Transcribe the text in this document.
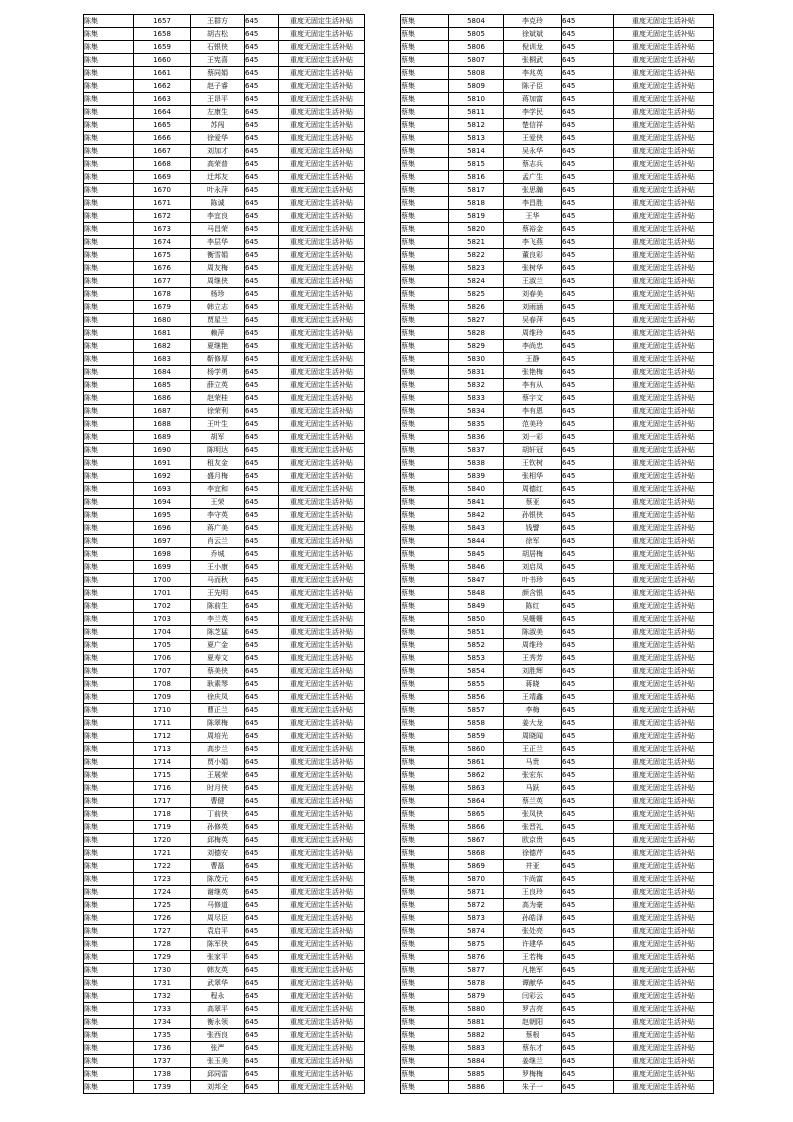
陈集	1657	王群方	645	重度无固定生活补贴
陈集	1658	胡吉松	645	重度无固定生活补贴
陈集	1659	石银侠	645	重度无固定生活补贴
陈集	1660	王宪喜	645	重度无固定生活补贴
陈集	1661	蔡同娟	645	重度无固定生活补贴
陈集	1662	赵子睿	645	重度无固定生活补贴
陈集	1663	王昂平	645	重度无固定生活补贴
陈集	1664	左康生	645	重度无固定生活补贴
陈集	1665	苏闯	645	重度无固定生活补贴
陈集	1666	徐爱华	645	重度无固定生活补贴
陈集	1667	刘加才	645	重度无固定生活补贴
陈集	1668	高荣普	645	重度无固定生活补贴
陈集	1669	迁邦友	645	重度无固定生活补贴
陈集	1670	叶永萍	645	重度无固定生活补贴
陈集	1671	陈诚	645	重度无固定生活补贴
陈集	1672	李宜良	645	重度无固定生活补贴
陈集	1673	马昌荣	645	重度无固定生活补贴
陈集	1674	李层华	645	重度无固定生活补贴
陈集	1675	衡雪娟	645	重度无固定生活补贴
陈集	1676	周友梅	645	重度无固定生活补贴
陈集	1677	周继侠	645	重度无固定生活补贴
陈集	1678	杨珍	645	重度无固定生活补贴
陈集	1679	韩立志	645	重度无固定生活补贴
陈集	1680	贾星兰	645	重度无固定生活补贴
陈集	1681	赖萍	645	重度无固定生活补贴
陈集	1682	夏继艳	645	重度无固定生活补贴
陈集	1683	靳修厚	645	重度无固定生活补贴
陈集	1684	杨学勇	645	重度无固定生活补贴
陈集	1685	薛立英	645	重度无固定生活补贴
陈集	1686	赵荣桂	645	重度无固定生活补贴
陈集	1687	徐荣利	645	重度无固定生活补贴
陈集	1688	王叶生	645	重度无固定生活补贴
陈集	1689	胡军	645	重度无固定生活补贴
陈集	1690	陈明达	645	重度无固定生活补贴
陈集	1691	租友金	645	重度无固定生活补贴
陈集	1692	盛月梅	645	重度无固定生活补贴
陈集	1693	李宜和	645	重度无固定生活补贴
陈集	1694	王荣	645	重度无固定生活补贴
陈集	1695	李守英	645	重度无固定生活补贴
陈集	1696	蒋广美	645	重度无固定生活补贴
陈集	1697	肖云兰	645	重度无固定生活补贴
陈集	1698	乔城	645	重度无固定生活补贴
陈集	1699	王小康	645	重度无固定生活补贴
陈集	1700	马而秋	645	重度无固定生活补贴
陈集	1701	王先明	645	重度无固定生活补贴
陈集	1702	陈前生	645	重度无固定生活补贴
陈集	1703	李兰英	645	重度无固定生活补贴
陈集	1704	陈芝猛	645	重度无固定生活补贴
陈集	1705	夏广金	645	重度无固定生活补贴
陈集	1706	夏寿文	645	重度无固定生活补贴
陈集	1707	蔡美侠	645	重度无固定生活补贴
陈集	1708	耿素琴	645	重度无固定生活补贴
陈集	1709	徐庆凤	645	重度无固定生活补贴
陈集	1710	曹正兰	645	重度无固定生活补贴
陈集	1711	陈翠梅	645	重度无固定生活补贴
陈集	1712	周培光	645	重度无固定生活补贴
陈集	1713	高步兰	645	重度无固定生活补贴
陈集	1714	贾小娟	645	重度无固定生活补贴
陈集	1715	王展荣	645	重度无固定生活补贴
陈集	1716	时月侠	645	重度无固定生活补贴
陈集	1717	曹健	645	重度无固定生活补贴
陈集	1718	丁前侠	645	重度无固定生活补贴
陈集	1719	孙修英	645	重度无固定生活补贴
陈集	1720	邱梅英	645	重度无固定生活补贴
陈集	1721	刘德安	645	重度无固定生活补贴
陈集	1722	曹磊	645	重度无固定生活补贴
陈集	1723	陈茂元	645	重度无固定生活补贴
陈集	1724	谢继英	645	重度无固定生活补贴
陈集	1725	马修道	645	重度无固定生活补贴
陈集	1726	周尽臣	645	重度无固定生活补贴
陈集	1727	袁启平	645	重度无固定生活补贴
陈集	1728	陈军侠	645	重度无固定生活补贴
陈集	1729	张家平	645	重度无固定生活补贴
陈集	1730	韩友英	645	重度无固定生活补贴
陈集	1731	武翠华	645	重度无固定生活补贴
陈集	1732	程永	645	重度无固定生活补贴
陈集	1733	高翠平	645	重度无固定生活补贴
陈集	1734	衡永领	645	重度无固定生活补贴
陈集	1735	张西良	645	重度无固定生活补贴
陈集	1736	张严	645	重度无固定生活补贴
陈集	1737	张玉美	645	重度无固定生活补贴
陈集	1738	邱同雷	645	重度无固定生活补贴
陈集	1739	刘邦全	645	重度无固定生活补贴
蔡集	5804	李克玲	645	重度无固定生活补贴
蔡集	5805	徐斌斌	645	重度无固定生活补贴
蔡集	5806	倪训龙	645	重度无固定生活补贴
蔡集	5807	张桐武	645	重度无固定生活补贴
蔡集	5808	李兆英	645	重度无固定生活补贴
蔡集	5809	陈子臣	645	重度无固定生活补贴
蔡集	5810	蒋加富	645	重度无固定生活补贴
蔡集	5811	李学民	645	重度无固定生活补贴
蔡集	5812	楚信祥	645	重度无固定生活补贴
蔡集	5813	王爱侠	645	重度无固定生活补贴
蔡集	5814	吴永华	645	重度无固定生活补贴
蔡集	5815	蔡志兵	645	重度无固定生活补贴
蔡集	5816	孟广生	645	重度无固定生活补贴
蔡集	5817	张思瀚	645	重度无固定生活补贴
蔡集	5818	李昌胜	645	重度无固定生活补贴
蔡集	5819	王华	645	重度无固定生活补贴
蔡集	5820	蔡裕金	645	重度无固定生活补贴
蔡集	5821	李飞燕	645	重度无固定生活补贴
蔡集	5822	董良彩	645	重度无固定生活补贴
蔡集	5823	张树华	645	重度无固定生活补贴
蔡集	5824	王淑兰	645	重度无固定生活补贴
蔡集	5825	刘春美	645	重度无固定生活补贴
蔡集	5826	刘雨涵	645	重度无固定生活补贴
蔡集	5827	吴春萍	645	重度无固定生活补贴
蔡集	5828	周维玲	645	重度无固定生活补贴
蔡集	5829	李尚忠	645	重度无固定生活补贴
蔡集	5830	王静	645	重度无固定生活补贴
蔡集	5831	张艳梅	645	重度无固定生活补贴
蔡集	5832	李有从	645	重度无固定生活补贴
蔡集	5833	蔡宇文	645	重度无固定生活补贴
蔡集	5834	李有恩	645	重度无固定生活补贴
蔡集	5835	范美玲	645	重度无固定生活补贴
蔡集	5836	刘一彩	645	重度无固定生活补贴
蔡集	5837	胡轩冠	645	重度无固定生活补贴
蔡集	5838	王钦树	645	重度无固定生活补贴
蔡集	5839	张相华	645	重度无固定生活补贴
蔡集	5840	周德红	645	重度无固定生活补贴
蔡集	5841	蔡亚	645	重度无固定生活补贴
蔡集	5842	孙银侠	645	重度无固定生活补贴
蔡集	5843	钱譬	645	重度无固定生活补贴
蔡集	5844	徐军	645	重度无固定生活补贴
蔡集	5845	胡居梅	645	重度无固定生活补贴
蔡集	5846	刘启凤	645	重度无固定生活补贴
蔡集	5847	叶书珍	645	重度无固定生活补贴
蔡集	5848	颜含银	645	重度无固定生活补贴
蔡集	5849	陈红	645	重度无固定生活补贴
蔡集	5850	吴姗姗	645	重度无固定生活补贴
蔡集	5851	陈淑美	645	重度无固定生活补贴
蔡集	5852	周维玲	645	重度无固定生活补贴
蔡集	5853	王秀芳	645	重度无固定生活补贴
蔡集	5854	刘胜辉	645	重度无固定生活补贴
蔡集	5855	蒋晓	645	重度无固定生活补贴
蔡集	5856	王靖鑫	645	重度无固定生活补贴
蔡集	5857	李梅	645	重度无固定生活补贴
蔡集	5858	姜大龙	645	重度无固定生活补贴
蔡集	5859	周晓闻	645	重度无固定生活补贴
蔡集	5860	王正兰	645	重度无固定生活补贴
蔡集	5861	马贵	645	重度无固定生活补贴
蔡集	5862	张宏东	645	重度无固定生活补贴
蔡集	5863	马跃	645	重度无固定生活补贴
蔡集	5864	蔡兰英	645	重度无固定生活补贴
蔡集	5865	张凤侠	645	重度无固定生活补贴
蔡集	5866	张晋礼	645	重度无固定生活补贴
蔡集	5867	欧京贵	645	重度无固定生活补贴
蔡集	5868	徐德芹	645	重度无固定生活补贴
蔡集	5869	井亚	645	重度无固定生活补贴
蔡集	5870	卞尚富	645	重度无固定生活补贴
蔡集	5871	王良玲	645	重度无固定生活补贴
蔡集	5872	高为豪	645	重度无固定生活补贴
蔡集	5873	孙皓泽	645	重度无固定生活补贴
蔡集	5874	张处亮	645	重度无固定生活补贴
蔡集	5875	许建华	645	重度无固定生活补贴
蔡集	5876	王若梅	645	重度无固定生活补贴
蔡集	5877	凡艳军	645	重度无固定生活补贴
蔡集	5878	谭献华	645	重度无固定生活补贴
蔡集	5879	闫彩云	645	重度无固定生活补贴
蔡集	5880	罗吉亮	645	重度无固定生活补贴
蔡集	5881	赵朝阳	645	重度无固定生活补贴
蔡集	5882	蔡根	645	重度无固定生活补贴
蔡集	5883	蔡东才	645	重度无固定生活补贴
蔡集	5884	姜继兰	645	重度无固定生活补贴
蔡集	5885	罗梅梅	645	重度无固定生活补贴
蔡集	5886	朱子一	645	重度无固定生活补贴
